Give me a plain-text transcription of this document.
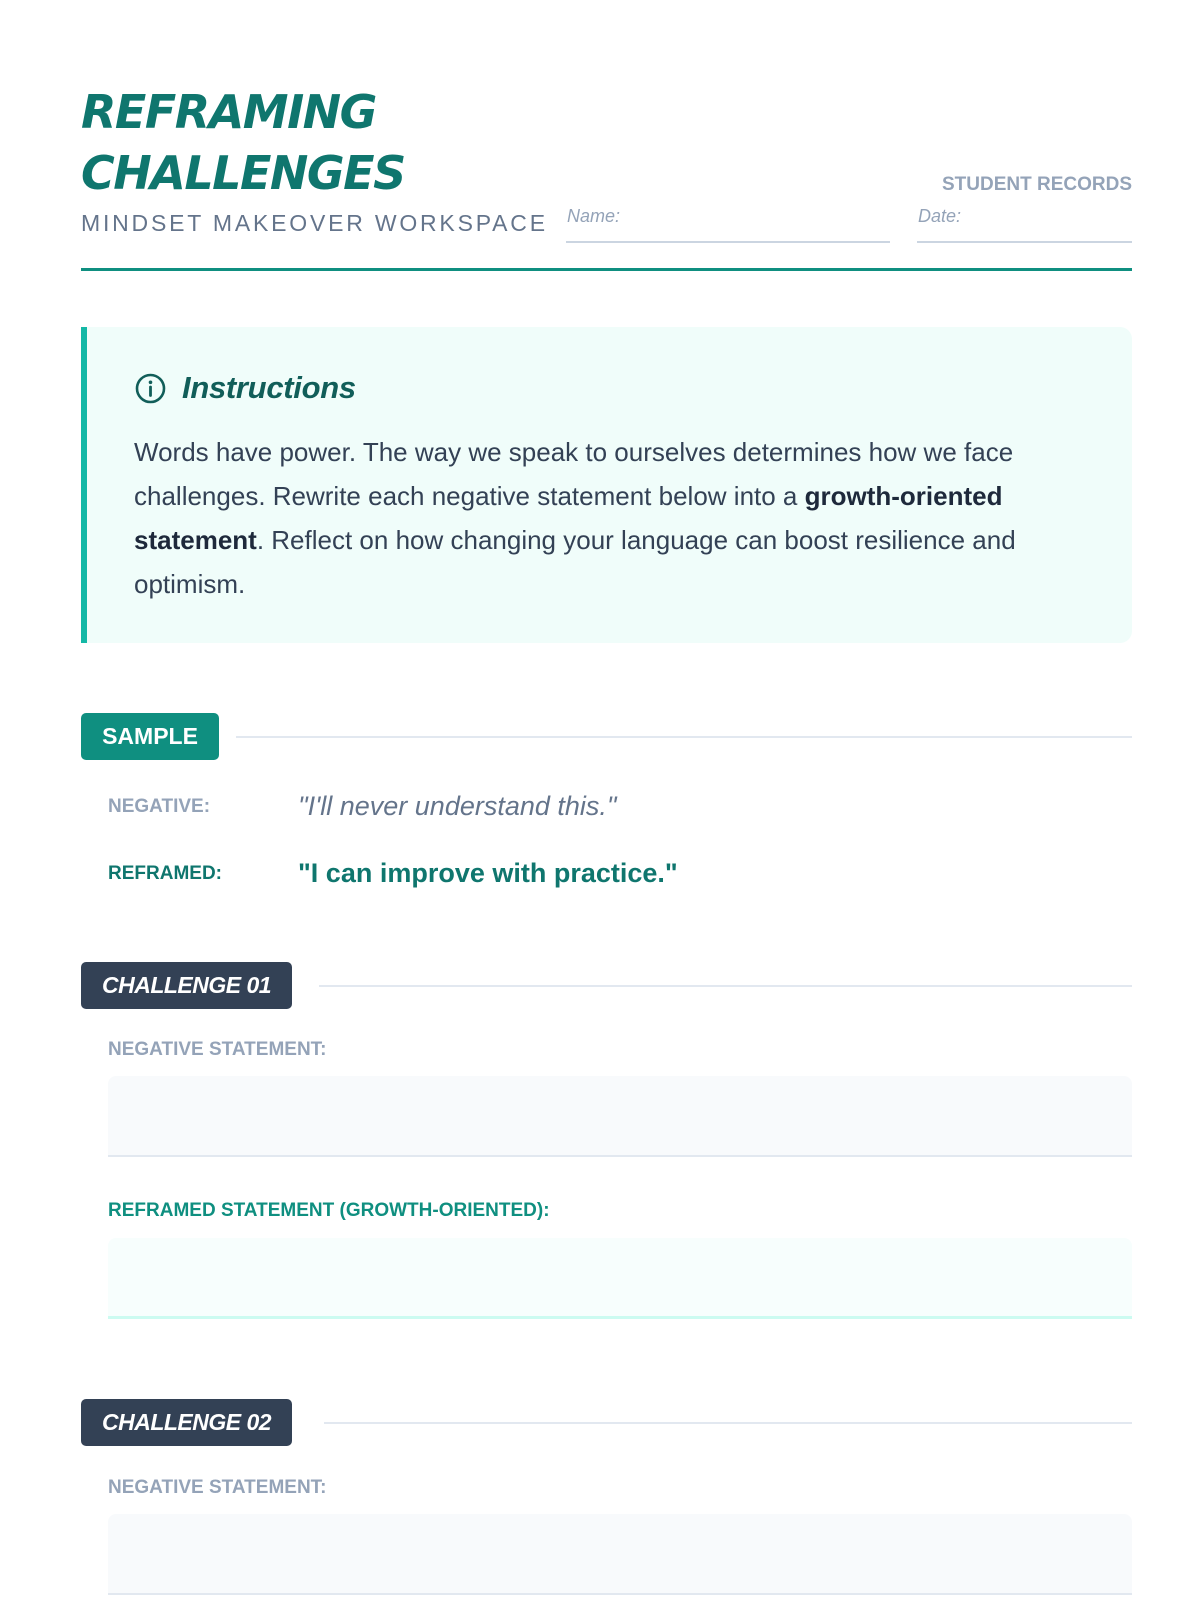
REFRAMING
CHALLENGES
MINDSET MAKEOVER WORKSPACE
STUDENT RECORDS
Name:	Date:
Instructions
Words have power. The way we speak to ourselves determines how we face challenges. Rewrite each negative statement below into a growth-oriented statement. Reflect on how changing your language can boost resilience and optimism.
SAMPLE
NEGATIVE:	"I'll never understand this."
REFRAMED:	"I can improve with practice."
CHALLENGE 01
NEGATIVE STATEMENT:
REFRAMED STATEMENT (GROWTH-ORIENTED):
CHALLENGE 02
NEGATIVE STATEMENT:
